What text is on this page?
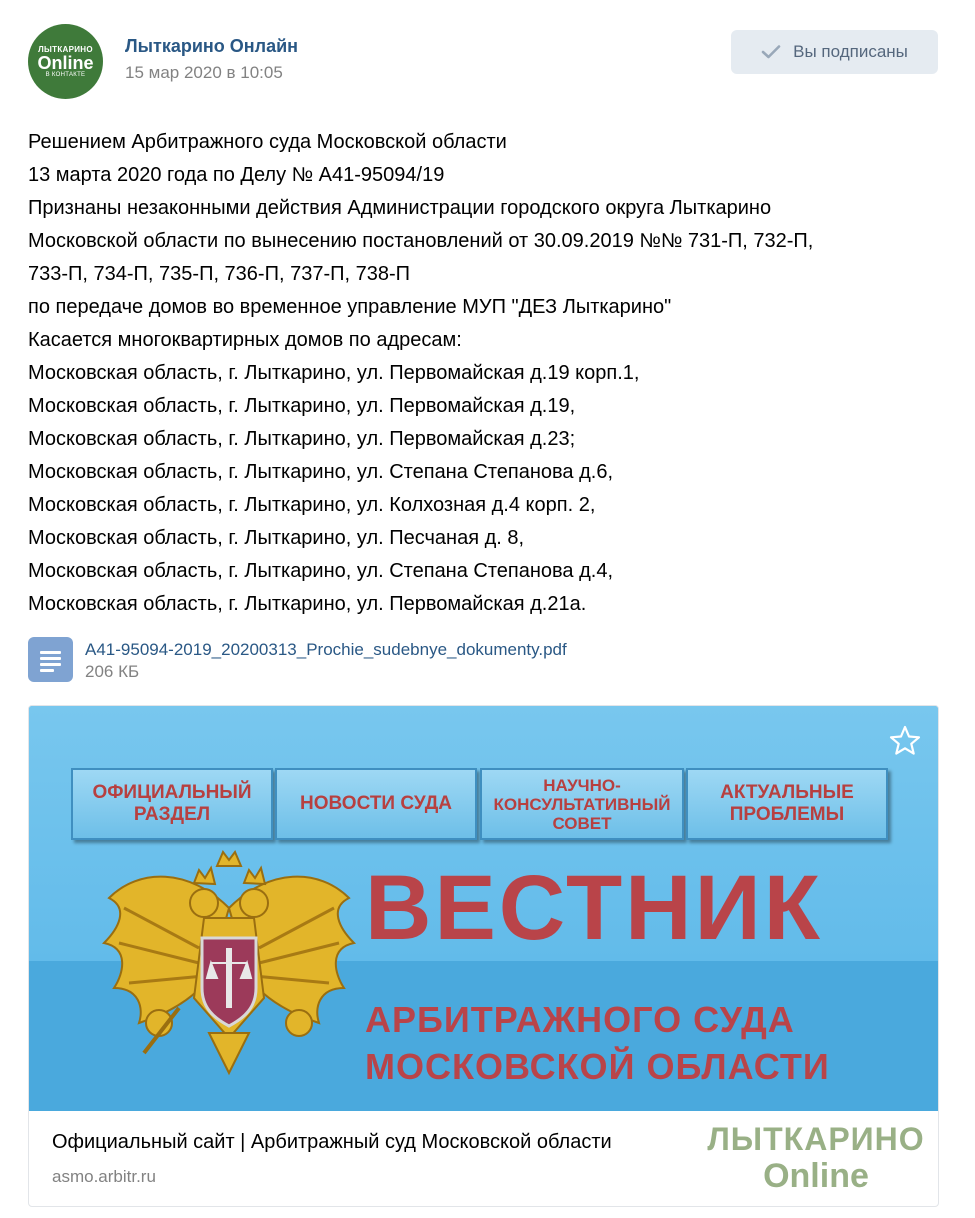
ЛЫТКАРИНО
Online
В КОНТАКТЕ
Лыткарино Онлайн
15 мар 2020 в 10:05
Вы подписаны
Решением Арбитражного суда Московской области
13 марта 2020 года по Делу № А41-95094/19
Признаны незаконными действия Администрации городского округа Лыткарино
Московской области по вынесению постановлений от 30.09.2019 №№ 731-П, 732-П,
733-П, 734-П, 735-П, 736-П, 737-П, 738-П
по передаче домов во временное управление МУП "ДЕЗ Лыткарино"
Касается многоквартирных домов по адресам:
Московская область, г. Лыткарино, ул. Первомайская д.19 корп.1,
Московская область, г. Лыткарино, ул. Первомайская д.19,
Московская область, г. Лыткарино, ул. Первомайская д.23;
Московская область, г. Лыткарино, ул. Степана Степанова д.6,
Московская область, г. Лыткарино, ул. Колхозная д.4 корп. 2,
Московская область, г. Лыткарино, ул. Песчаная д. 8,
Московская область, г. Лыткарино, ул. Степана Степанова д.4,
Московская область, г. Лыткарино, ул. Первомайская д.21а.
A41-95094-2019_20200313_Prochie_sudebnye_dokumenty.pdf
206 КБ
ОФИЦИАЛЬНЫЙ
РАЗДЕЛ
НОВОСТИ СУДА
НАУЧНО-
КОНСУЛЬТАТИВНЫЙ
СОВЕТ
АКТУАЛЬНЫЕ
ПРОБЛЕМЫ
ВЕСТНИК
АРБИТРАЖНОГО СУДА
МОСКОВСКОЙ ОБЛАСТИ
Официальный сайт | Арбитражный суд Московской области
asmo.arbitr.ru
ЛЫТКАРИНО
Online
